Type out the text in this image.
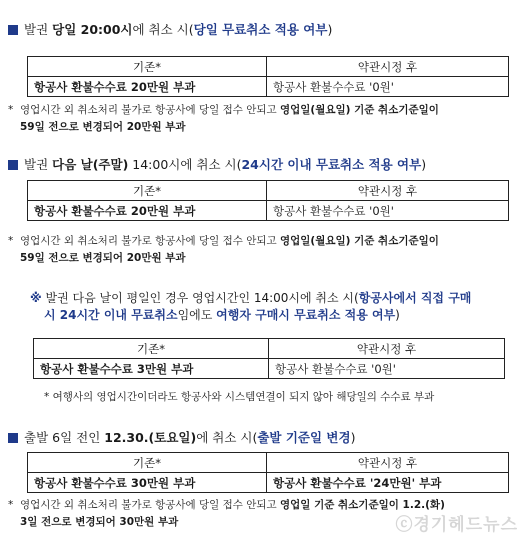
발권 당일 20:00시에 취소 시(당일 무료취소 적용 여부)
기존*	약관시정 후
항공사 환불수수료 20만원 부과	항공사 환불수수료 '0원'
* 영업시간 외 취소처리 불가로 항공사에 당일 접수 안되고 영업일(월요일) 기준 취소기준일이
59일 전으로 변경되어 20만원 부과
발권 다음 날(주말) 14:00시에 취소 시(24시간 이내 무료취소 적용 여부)
기존*	약관시정 후
항공사 환불수수료 20만원 부과	항공사 환불수수료 '0원'
* 영업시간 외 취소처리 불가로 항공사에 당일 접수 안되고 영업일(월요일) 기준 취소기준일이
59일 전으로 변경되어 20만원 부과
※ 발권 다음 날이 평일인 경우 영업시간인 14:00시에 취소 시(항공사에서 직접 구매
시 24시간 이내 무료취소임에도 여행자 구매시 무료취소 적용 여부)
기존*	약관시정 후
항공사 환불수수료 3만원 부과	항공사 환불수수료 '0원'
* 여행사의 영업시간이더라도 항공사와 시스템연결이 되지 않아 해당일의 수수료 부과
출발 6일 전인 12.30.(토요일)에 취소 시(출발 기준일 변경)
기존*	약관시정 후
항공사 환불수수료 30만원 부과	항공사 환불수수료 '24만원' 부과
* 영업시간 외 취소처리 불가로 항공사에 당일 접수 안되고 영업일 기준 취소기준일이 1.2.(화)
3일 전으로 변경되어 30만원 부과	ⓒ경기헤드뉴스
